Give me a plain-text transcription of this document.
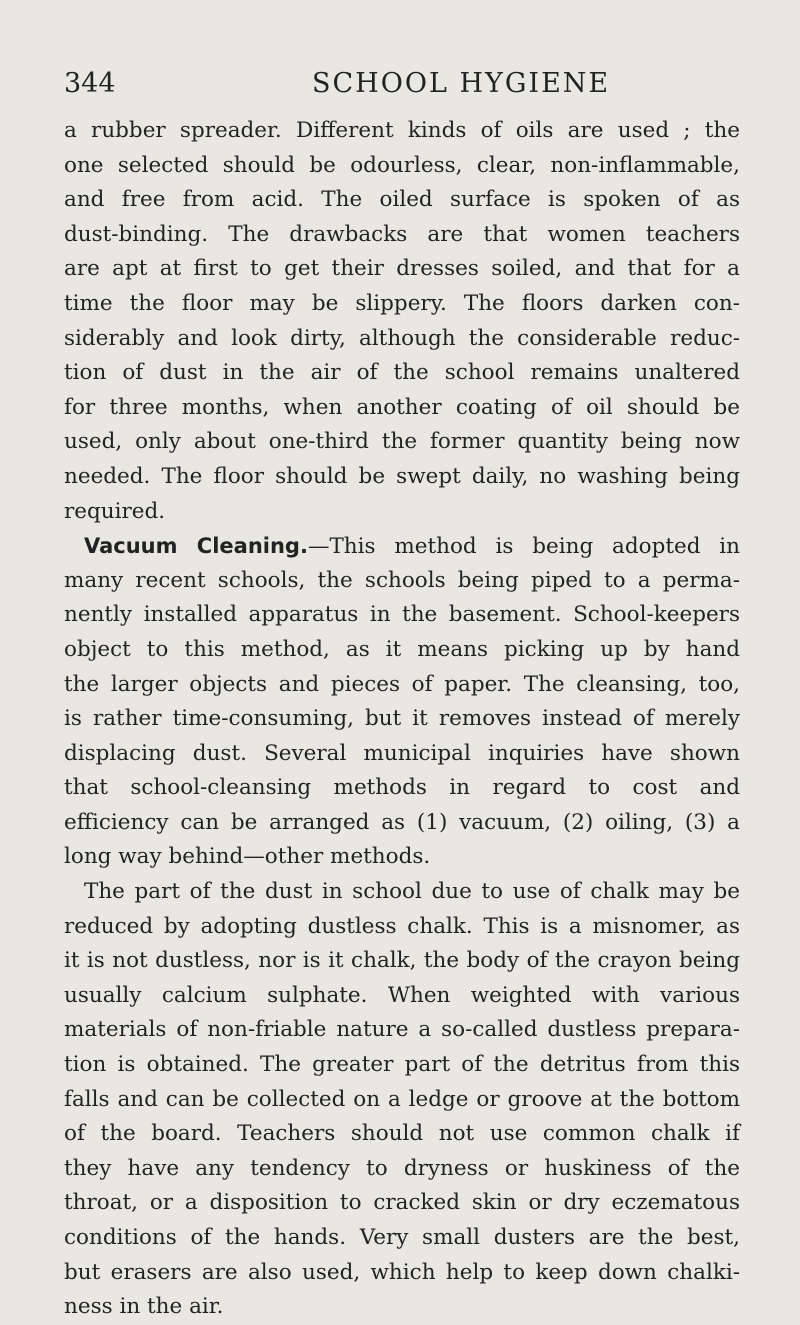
344	SCHOOL HYGIENE
a rubber spreader. Different kinds of oils are used ; the
one selected should be odourless, clear, non-inflammable,
and free from acid. The oiled surface is spoken of as
dust-binding. The drawbacks are that women teachers
are apt at first to get their dresses soiled, and that for a
time the floor may be slippery. The floors darken con-
siderably and look dirty, although the considerable reduc-
tion of dust in the air of the school remains unaltered
for three months, when another coating of oil should be
used, only about one-third the former quantity being now
needed. The floor should be swept daily, no washing being
required.
Vacuum Cleaning.—This method is being adopted in
many recent schools, the schools being piped to a perma-
nently installed apparatus in the basement. School-keepers
object to this method, as it means picking up by hand
the larger objects and pieces of paper. The cleansing, too,
is rather time-consuming, but it removes instead of merely
displacing dust. Several municipal inquiries have shown
that school-cleansing methods in regard to cost and
efficiency can be arranged as (1) vacuum, (2) oiling, (3) a
long way behind—other methods.
The part of the dust in school due to use of chalk may be
reduced by adopting dustless chalk. This is a misnomer, as
it is not dustless, nor is it chalk, the body of the crayon being
usually calcium sulphate. When weighted with various
materials of non-friable nature a so-called dustless prepara-
tion is obtained. The greater part of the detritus from this
falls and can be collected on a ledge or groove at the bottom
of the board. Teachers should not use common chalk if
they have any tendency to dryness or huskiness of the
throat, or a disposition to cracked skin or dry eczematous
conditions of the hands. Very small dusters are the best,
but erasers are also used, which help to keep down chalki-
ness in the air.
